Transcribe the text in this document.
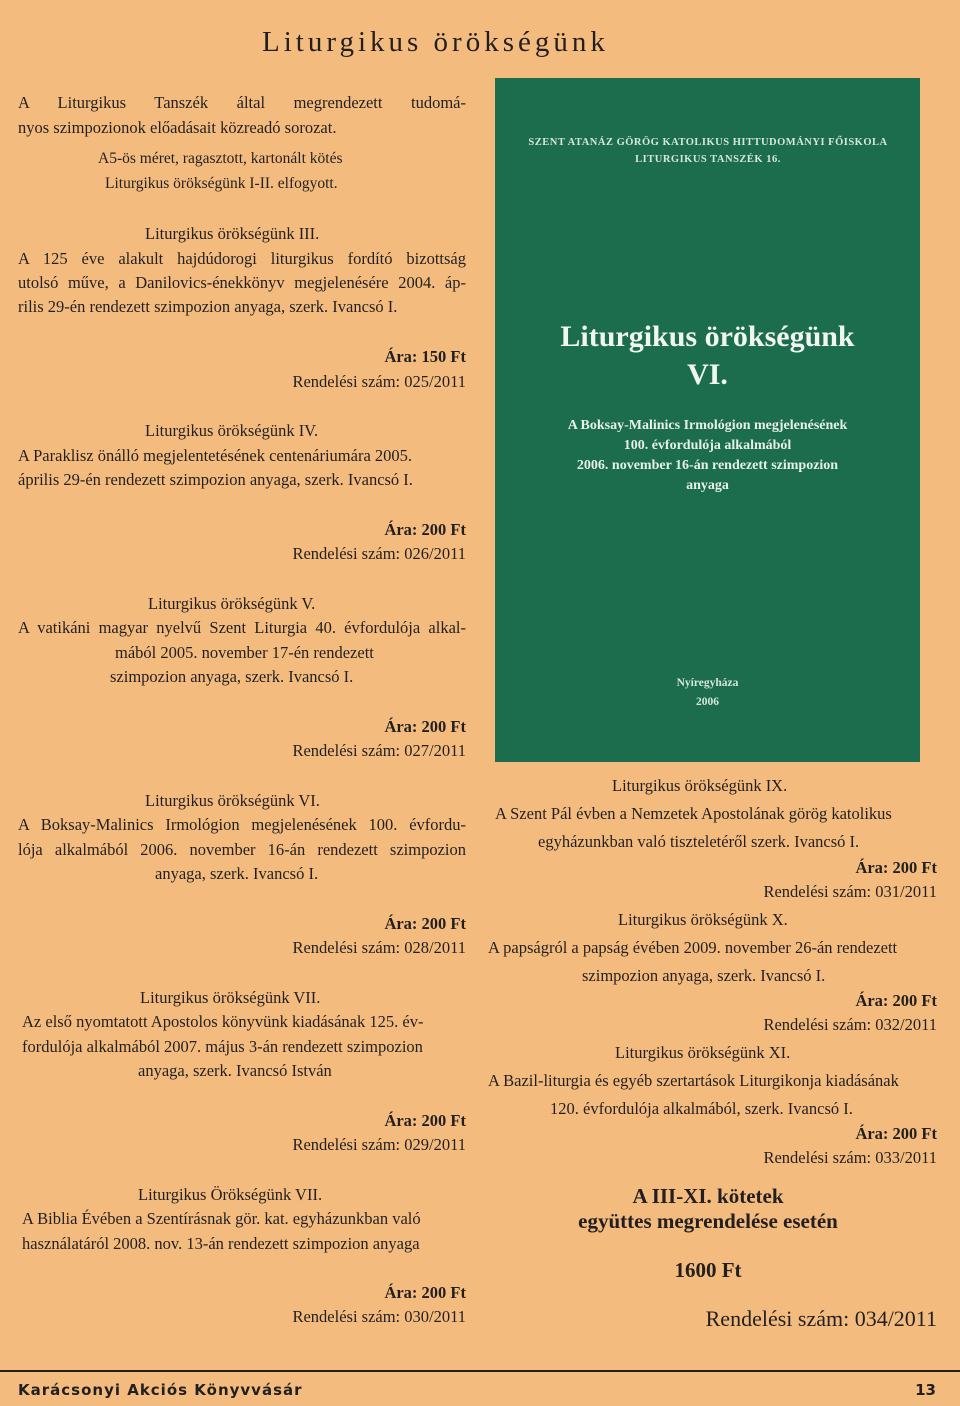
Liturgikus örökségünk
A Liturgikus Tanszék által megrendezett tudomá-
nyos szimpozionok előadásait közreadó sorozat.
A5-ös méret, ragasztott, kartonált kötés
Liturgikus örökségünk I-II. elfogyott.
Liturgikus örökségünk III.
A 125 éve alakult hajdúdorogi liturgikus fordító bizottság
utolsó műve, a Danilovics-énekkönyv megjelenésére 2004. áp-
rilis 29-én rendezett szimpozion anyaga, szerk. Ivancsó I.
Ára: 150 Ft
Rendelési szám: 025/2011
Liturgikus örökségünk IV.
A Paraklisz önálló megjelentetésének centenáriumára 2005.
április 29-én rendezett szimpozion anyaga, szerk. Ivancsó I.
Ára: 200 Ft
Rendelési szám: 026/2011
Liturgikus örökségünk V.
A vatikáni magyar nyelvű Szent Liturgia 40. évfordulója alkal-
mából 2005. november 17-én rendezett
szimpozion anyaga, szerk. Ivancsó I.
Ára: 200 Ft
Rendelési szám: 027/2011
Liturgikus örökségünk VI.
A Boksay-Malinics Irmológion megjelenésének 100. évfordu-
lója alkalmából 2006. november 16-án rendezett szimpozion
anyaga, szerk. Ivancsó I.
Ára: 200 Ft
Rendelési szám: 028/2011
Liturgikus örökségünk VII.
Az első nyomtatott Apostolos könyvünk kiadásának 125. év-
fordulója alkalmából 2007. május 3-án rendezett szimpozion
anyaga, szerk. Ivancsó István
Ára: 200 Ft
Rendelési szám: 029/2011
Liturgikus Örökségünk VII.
A Biblia Évében a Szentírásnak gör. kat. egyházunkban való
használatáról 2008. nov. 13-án rendezett szimpozion anyaga
Ára: 200 Ft
Rendelési szám: 030/2011
SZENT ATANÁZ GÖRÖG KATOLIKUS HITTUDOMÁNYI FŐISKOLA
LITURGIKUS TANSZÉK 16.
Liturgikus örökségünk
VI.
A Boksay-Malinics Irmológion megjelenésének
100. évfordulója alkalmából
2006. november 16-án rendezett szimpozion
anyaga
Nyíregyháza
2006
Liturgikus örökségünk IX.
A Szent Pál évben a Nemzetek Apostolának görög katolikus
egyházunkban való tiszteletéről szerk. Ivancsó I.
Ára: 200 Ft
Rendelési szám: 031/2011
Liturgikus örökségünk X.
A papságról a papság évében 2009. november 26-án rendezett
szimpozion anyaga, szerk. Ivancsó I.
Ára: 200 Ft
Rendelési szám: 032/2011
Liturgikus örökségünk XI.
A Bazil-liturgia és egyéb szertartások Liturgikonja kiadásának
120. évfordulója alkalmából, szerk. Ivancsó I.
Ára: 200 Ft
Rendelési szám: 033/2011
A III-XI. kötetek
együttes megrendelése esetén
1600 Ft
Rendelési szám: 034/2011
Karácsonyi Akciós Könyvvásár	13
